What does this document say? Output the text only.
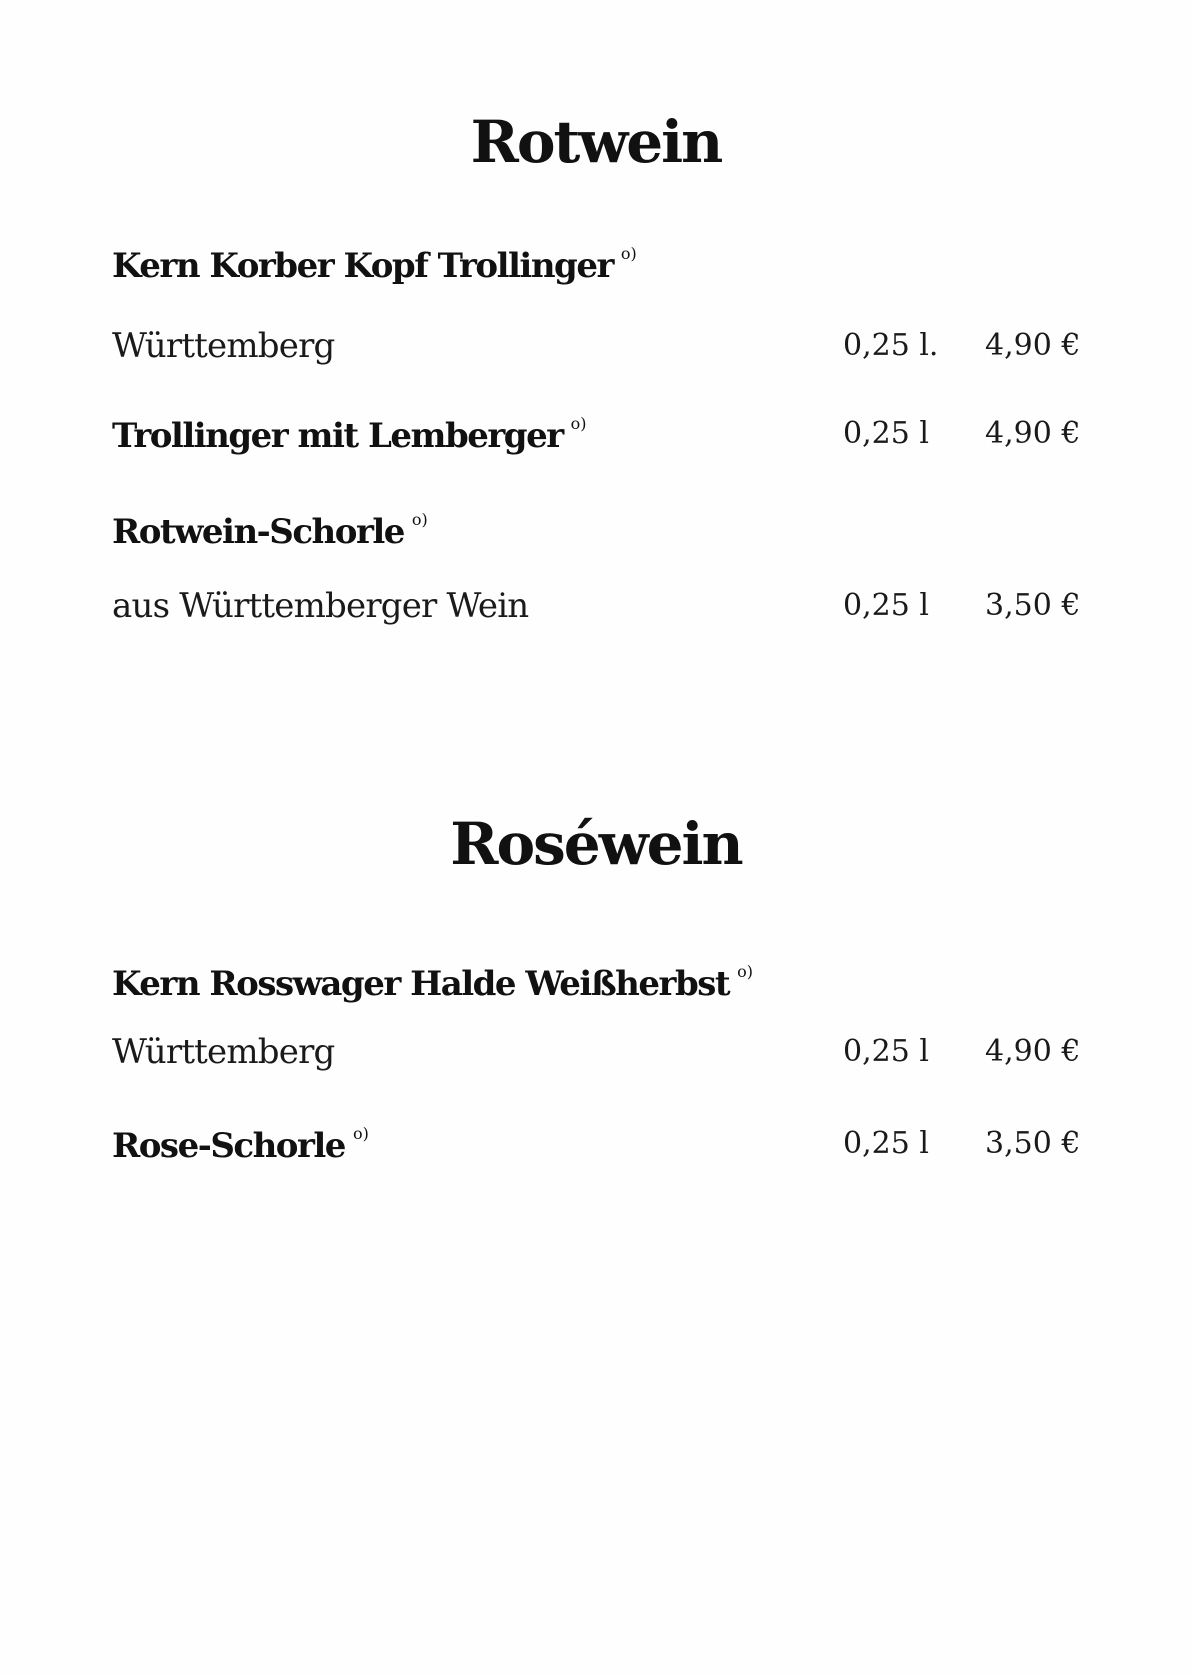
Rotwein
Kern Korber Kopf Trollinger $^{o)}$
Württemberg	0,25 l. 4,90 €
Trollinger mit Lemberger $^{o)}$	0,25 l 4,90 €
Rotwein-Schorle $^{o)}$
aus Württemberger Wein	0,25 l 3,50 €
Roséwein
Kern Rosswager Halde Weißherbst $^{o)}$
Württemberg	0,25 l 4,90 €
Rose-Schorle $^{o)}$	0,25 l 3,50 €
